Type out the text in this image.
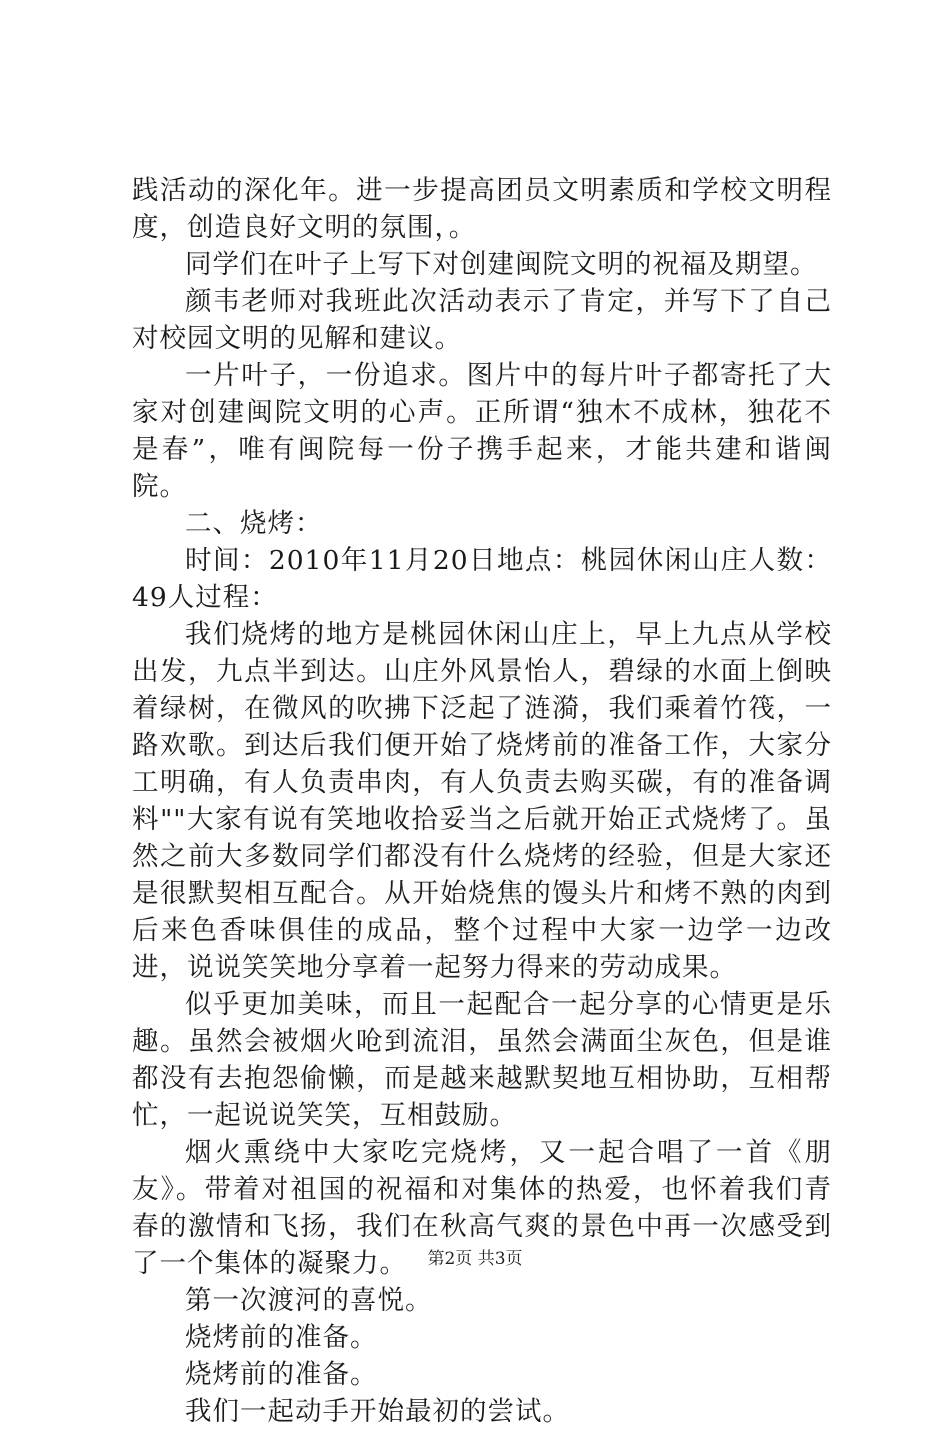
践活动的深化年。进一步提高团员文明素质和学校文明程度，创造良好文明的氛围，。

同学们在叶子上写下对创建闽院文明的祝福及期望。

颜韦老师对我班此次活动表示了肯定，并写下了自己对校园文明的见解和建议。

一片叶子，一份追求。图片中的每片叶子都寄托了大家对创建闽院文明的心声。正所谓“独木不成林，独花不是春”，唯有闽院每一份子携手起来，才能共建和谐闽院。

二、烧烤：

时间：2010年11月20日地点：桃园休闲山庄人数：49人过程：

我们烧烤的地方是桃园休闲山庄上，早上九点从学校出发，九点半到达。山庄外风景怡人，碧绿的水面上倒映着绿树，在微风的吹拂下泛起了涟漪，我们乘着竹筏，一路欢歌。到达后我们便开始了烧烤前的准备工作，大家分工明确，有人负责串肉，有人负责去购买碳，有的准备调料""大家有说有笑地收拾妥当之后就开始正式烧烤了。虽然之前大多数同学们都没有什么烧烤的经验，但是大家还是很默契相互配合。从开始烧焦的馒头片和烤不熟的肉到后来色香味俱佳的成品，整个过程中大家一边学一边改进，说说笑笑地分享着一起努力得来的劳动成果。

似乎更加美味，而且一起配合一起分享的心情更是乐趣。虽然会被烟火呛到流泪，虽然会满面尘灰色，但是谁都没有去抱怨偷懒，而是越来越默契地互相协助，互相帮忙，一起说说笑笑，互相鼓励。

烟火熏绕中大家吃完烧烤，又一起合唱了一首《朋友》。带着对祖国的祝福和对集体的热爱，也怀着我们青春的激情和飞扬，我们在秋高气爽的景色中再一次感受到了一个集体的凝聚力。

第一次渡河的喜悦。

烧烤前的准备。

烧烤前的准备。

我们一起动手开始最初的尝试。

第2页 共3页
